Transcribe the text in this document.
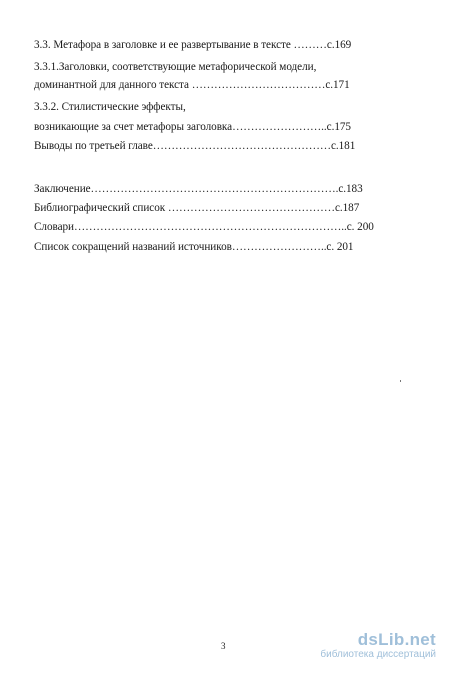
3.3. Метафора в заголовке и ее развертывание в тексте ………с.169
3.3.1.Заголовки, соответствующие метафорической модели,
доминантной для данного текста ………………………………с.171
3.3.2. Стилистические эффекты,
возникающие за счет метафоры заголовка……………………..с.175
Выводы по третьей главе…………………………………………с.181
Заключение………………………………………………………….с.183
Библиографический список ………………………………………с.187
Словари………………………………………………………………..с. 200
Список сокращений названий источников……………………..с. 201
3	dsLib.net
библиотека диссертаций
